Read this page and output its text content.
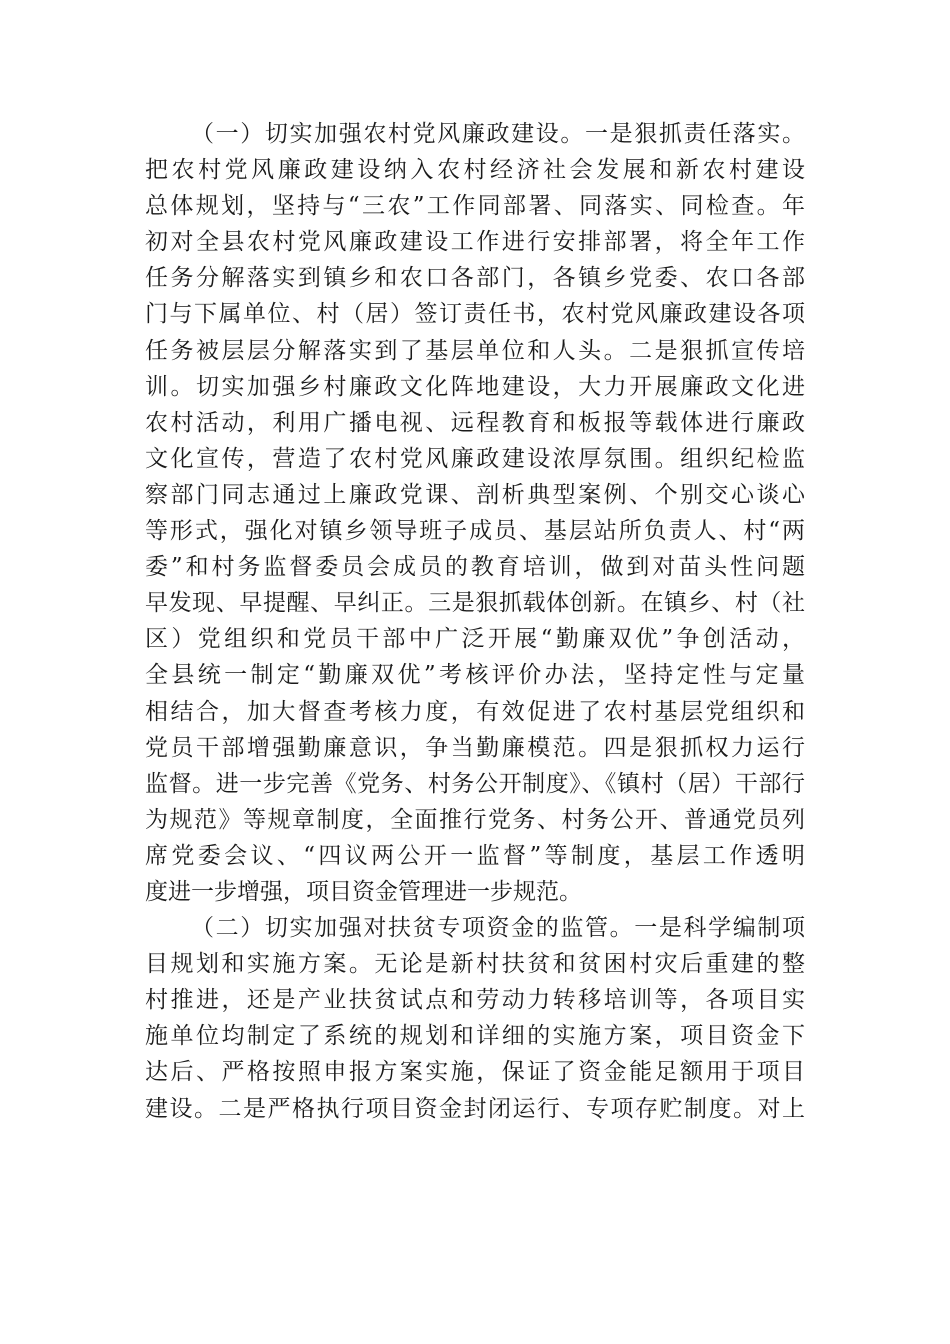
（一）切实加强农村党风廉政建设。一是狠抓责任落实。
把农村党风廉政建设纳入农村经济社会发展和新农村建设
总体规划，坚持与“三农”工作同部署、同落实、同检查。年
初对全县农村党风廉政建设工作进行安排部署，将全年工作
任务分解落实到镇乡和农口各部门，各镇乡党委、农口各部
门与下属单位、村（居）签订责任书，农村党风廉政建设各项
任务被层层分解落实到了基层单位和人头。二是狠抓宣传培
训。切实加强乡村廉政文化阵地建设，大力开展廉政文化进
农村活动，利用广播电视、远程教育和板报等载体进行廉政
文化宣传，营造了农村党风廉政建设浓厚氛围。组织纪检监
察部门同志通过上廉政党课、剖析典型案例、个别交心谈心
等形式，强化对镇乡领导班子成员、基层站所负责人、村“两
委”和村务监督委员会成员的教育培训，做到对苗头性问题
早发现、早提醒、早纠正。三是狠抓载体创新。在镇乡、村（社
区）党组织和党员干部中广泛开展“勤廉双优”争创活动，
全县统一制定“勤廉双优”考核评价办法，坚持定性与定量
相结合，加大督查考核力度，有效促进了农村基层党组织和
党员干部增强勤廉意识，争当勤廉模范。四是狠抓权力运行
监督。进一步完善《党务、村务公开制度》、《镇村（居）干部行
为规范》等规章制度，全面推行党务、村务公开、普通党员列
席党委会议、“四议两公开一监督”等制度，基层工作透明
度进一步增强，项目资金管理进一步规范。
（二）切实加强对扶贫专项资金的监管。一是科学编制项
目规划和实施方案。无论是新村扶贫和贫困村灾后重建的整
村推进，还是产业扶贫试点和劳动力转移培训等，各项目实
施单位均制定了系统的规划和详细的实施方案，项目资金下
达后、严格按照申报方案实施，保证了资金能足额用于项目
建设。二是严格执行项目资金封闭运行、专项存贮制度。对上
